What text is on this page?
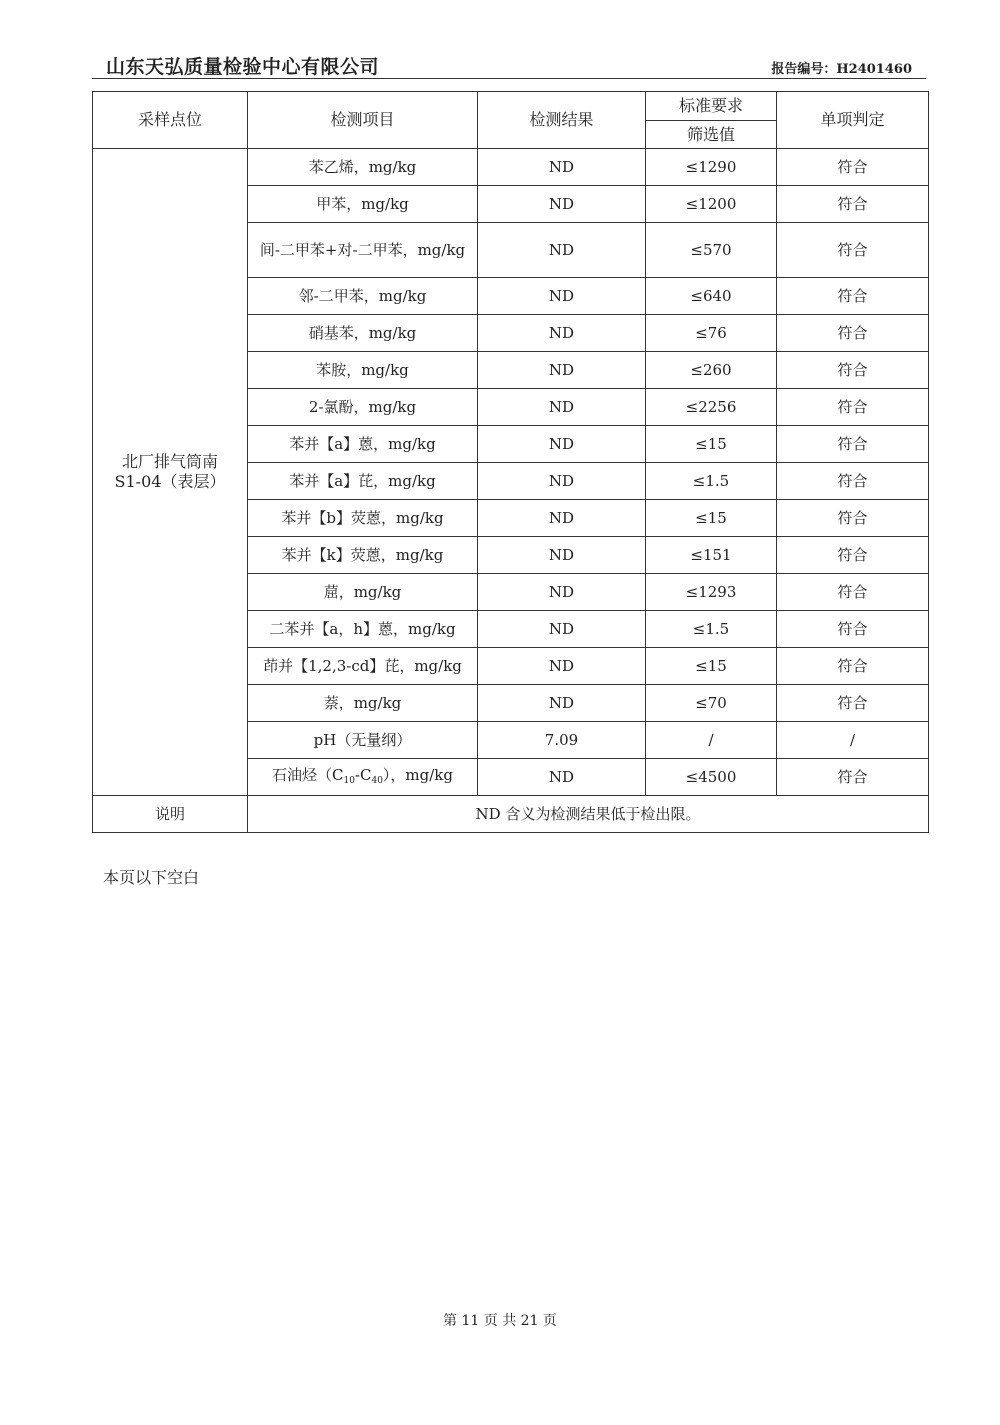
山东天弘质量检验中心有限公司	报告编号：H2401460
采样点位	检测项目	检测结果	标准要求	单项判定
			筛选值	

北厂排气筒南
S1-04（表层）	苯乙烯，mg/kg	ND	≤1290	符合
	甲苯，mg/kg	ND	≤1200	符合
	间-二甲苯+对-二甲苯，mg/kg	ND	≤570	符合
	邻-二甲苯，mg/kg	ND	≤640	符合
	硝基苯，mg/kg	ND	≤76	符合
	苯胺，mg/kg	ND	≤260	符合
	2-氯酚，mg/kg	ND	≤2256	符合
	苯并【a】蒽，mg/kg	ND	≤15	符合
	苯并【a】芘，mg/kg	ND	≤1.5	符合
	苯并【b】荧蒽，mg/kg	ND	≤15	符合
	苯并【k】荧蒽，mg/kg	ND	≤151	符合
	䓛，mg/kg	ND	≤1293	符合
	二苯并【a，h】蒽，mg/kg	ND	≤1.5	符合
	茚并【1,2,3-cd】芘，mg/kg	ND	≤15	符合
	萘，mg/kg	ND	≤70	符合
	pH（无量纲）	7.09	/	/
	石油烃$(C_{10}-C_{40})$，mg/kg	ND	≤4500	符合
说明	ND 含义为检测结果低于检出限。			
本页以下空白
第 11 页 共 21 页
